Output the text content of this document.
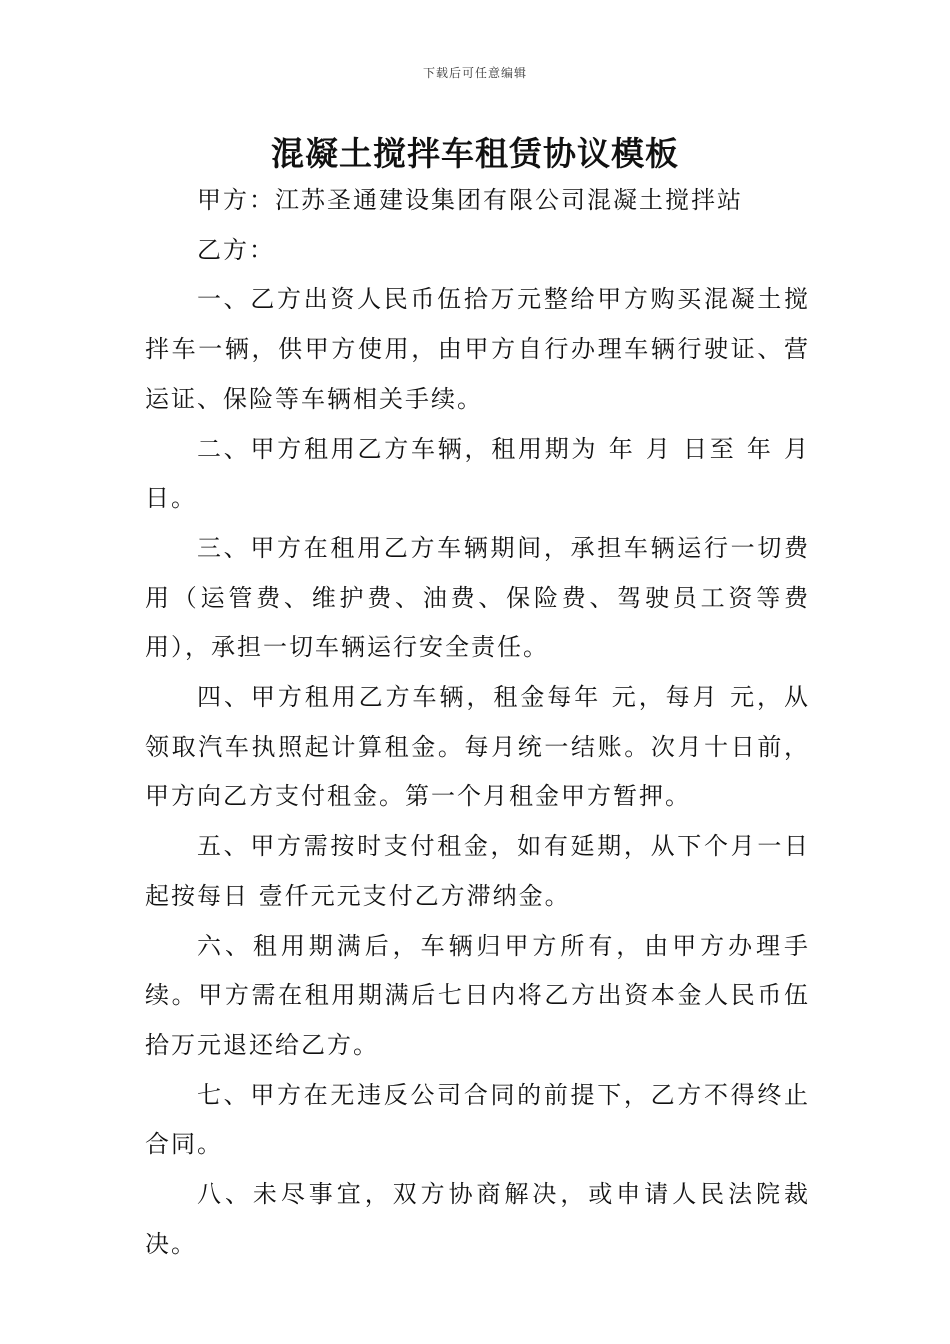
下载后可任意编辑
混凝土搅拌车租赁协议模板

甲方：江苏圣通建设集团有限公司混凝土搅拌站

乙方：

一、乙方出资人民币伍拾万元整给甲方购买混凝土搅拌车一辆，供甲方使用，由甲方自行办理车辆行驶证、营运证、保险等车辆相关手续。

二、甲方租用乙方车辆，租用期为 年 月 日至 年 月日。

三、甲方在租用乙方车辆期间，承担车辆运行一切费用（运管费、维护费、油费、保险费、驾驶员工资等费用），承担一切车辆运行安全责任。

四、甲方租用乙方车辆，租金每年 元，每月 元，从领取汽车执照起计算租金。每月统一结账。次月十日前，甲方向乙方支付租金。第一个月租金甲方暂押。

五、甲方需按时支付租金，如有延期，从下个月一日起按每日 壹仟元元支付乙方滞纳金。

六、租用期满后，车辆归甲方所有，由甲方办理手续。甲方需在租用期满后七日内将乙方出资本金人民币伍拾万元退还给乙方。

七、甲方在无违反公司合同的前提下，乙方不得终止合同。

八、未尽事宜，双方协商解决，或申请人民法院裁决。
